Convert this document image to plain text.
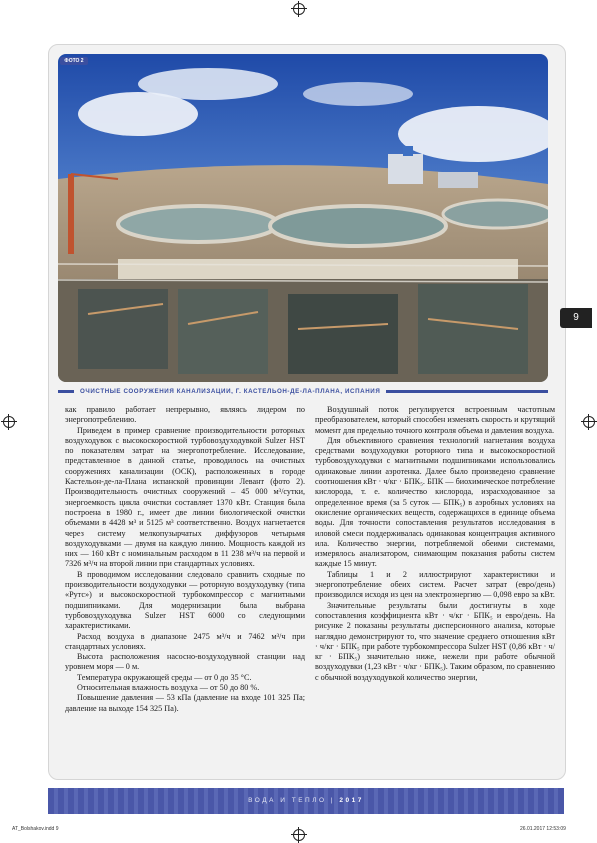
ФОТО 2
ОЧИСТНЫЕ СООРУЖЕНИЯ КАНАЛИЗАЦИИ, Г. КАСТЕЛЬОН-ДЕ-ЛА-ПЛАНА, ИСПАНИЯ
9

как правило работает непрерывно, являясь лидером по энергопотреблению.

Приведем в пример сравнение производительности роторных воздуходувок с высокоскоростной турбовоздуходувкой Sulzer HST по показателям затрат на энергопотребление. Исследование, представленное в данной статье, проводилось на очистных сооружениях канализации (ОСК), расположенных в городе Кастельон-де-ла-Плана испанской провинции Левант (фото 2). Производительность очистных сооружений – 45 000 м³/сутки, энергоемкость цикла очистки составляет 1370 кВт. Станция была построена в 1980 г., имеет две линии биологической очистки объемами в 4428 м³ и 5125 м³ соответственно. Воздух нагнетается через систему мелкопузырчатых диффузоров четырьмя воздуходувками — двумя на каждую линию. Мощность каждой из них — 160 кВт с номинальным расходом в 11 238 м³/ч на первой и 7326 м³/ч на второй линии при стандартных условиях.

В проводимом исследовании следовало сравнить сходные по производительности воздуходувки — роторную воздуходувку (типа «Рутс») и высокоскоростной турбокомпрессор с магнитными подшипниками. Для модернизации была выбрана турбовоздуходувка Sulzer HST 6000 со следующими характеристиками.

Расход воздуха в диапазоне 2475 м³/ч и 7462 м³/ч при стандартных условиях.

Высота расположения насосно-воздуходувной станции над уровнем моря — 0 м.

Температура окружающей среды — от 0 до 35 °С.

Относительная влажность воздуха — от 50 до 80 %.

Повышение давления — 53 кПа (давление на входе 101 325 Па; давление на выходе 154 325 Па).

Воздушный поток регулируется встроенным частотным преобразователем, который способен изменять скорость и крутящий момент для предельно точного контроля объема и давления воздуха.

Для объективного сравнения технологий нагнетания воздуха средствами воздуходувки роторного типа и высокоскоростной турбовоздуходувки с магнитными подшипниками использовались одинаковые линии аэротенка. Далее было произведено сравнение соотношения кВт · ч/кг · БПК₅. БПК — биохимическое потребление кислорода, т. е. количество кислорода, израсходованное за определенное время (за 5 суток — БПК₅) в аэробных условиях на окисление органических веществ, содержащихся в единице объема воды. Для точности сопоставления результатов исследования в иловой смеси поддерживалась одинаковая концентрация активного ила. Количество энергии, потребляемой обеими системами, измерялось анализатором, снимающим показания работы систем каждые 15 минут.

Таблицы 1 и 2 иллюстрируют характеристики и энергопотребление обеих систем. Расчет затрат (евро/день) производился исходя из цен на электроэнергию — 0,098 евро за кВт.

Значительные результаты были достигнуты в ходе сопоставления коэффициента кВт · ч/кг · БПК₅ и евро/день. На рисунке 2 показаны результаты дисперсионного анализа, которые наглядно демонстрируют то, что значение среднего отношения кВт · ч/кг · БПК₅ при работе турбокомпрессора Sulzer HST (0,86 кВт · ч/кг · БПК₅) значительно ниже, нежели при работе обычной воздуходувки (1,23 кВт · ч/кг · БПК₅). Таким образом, по сравнению с обычной воздуходувкой количество энергии,

ВОДА И ТЕПЛО | 2017
AT_Bolshakov.indd 9	26.01.2017 12:53:09
